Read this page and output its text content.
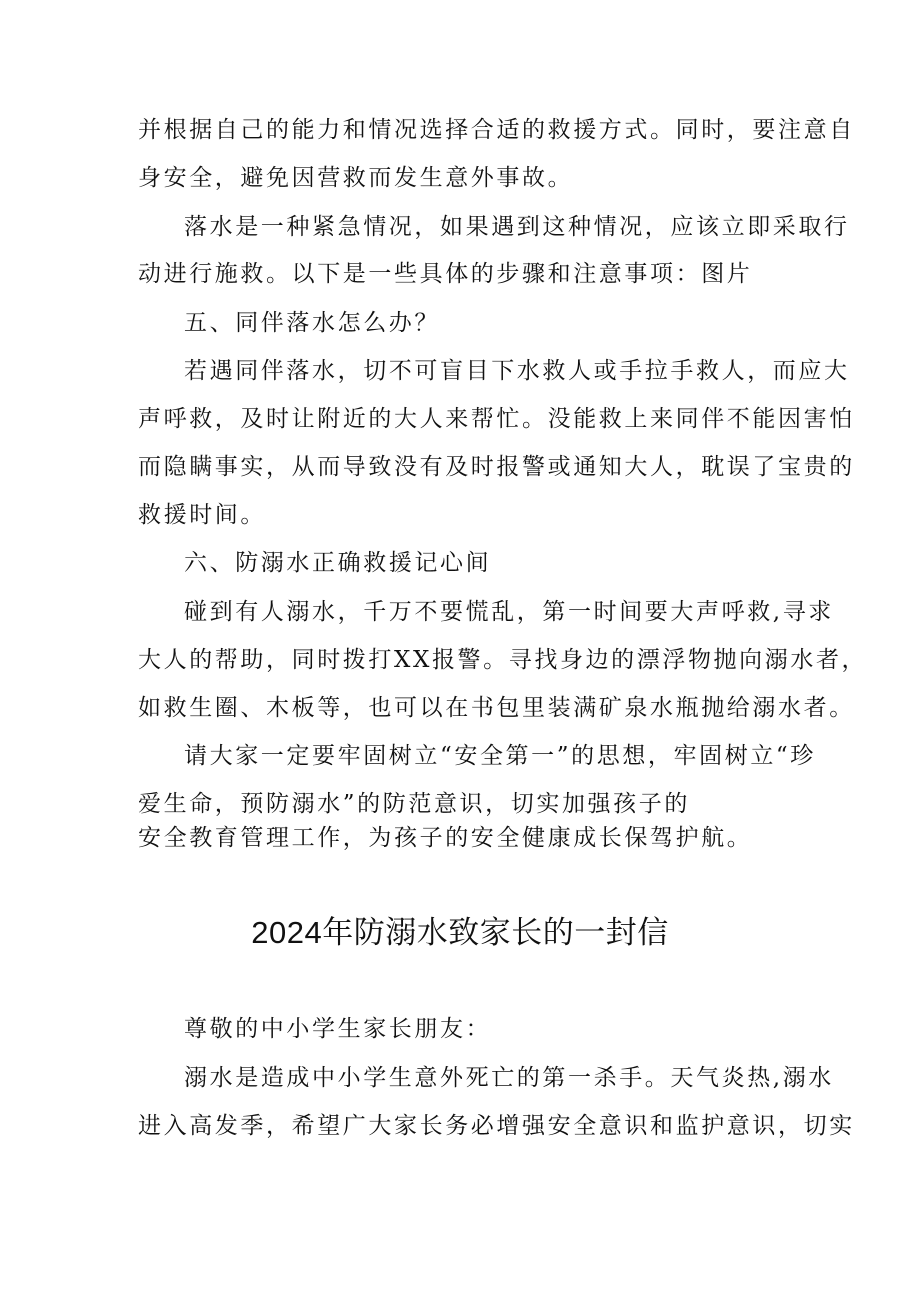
并根据自己的能力和情况选择合适的救援方式。同时，要注意自
身安全，避免因营救而发生意外事故。
落水是一种紧急情况，如果遇到这种情况，应该立即采取行
动进行施救。以下是一些具体的步骤和注意事项：图片
五、同伴落水怎么办？
若遇同伴落水，切不可盲目下水救人或手拉手救人，而应大
声呼救，及时让附近的大人来帮忙。没能救上来同伴不能因害怕
而隐瞒事实，从而导致没有及时报警或通知大人，耽误了宝贵的
救援时间。
六、防溺水正确救援记心间
碰到有人溺水，千万不要慌乱，第一时间要大声呼救,寻求
大人的帮助，同时拨打XX报警。寻找身边的漂浮物抛向溺水者，
如救生圈、木板等，也可以在书包里装满矿泉水瓶抛给溺水者。
请大家一定要牢固树立“安全第一”的思想，牢固树立“珍
爱生命，预防溺水”的防范意识，切实加强孩子的
安全教育管理工作，为孩子的安全健康成长保驾护航。
2024年防溺水致家长的一封信
尊敬的中小学生家长朋友：
溺水是造成中小学生意外死亡的第一杀手。天气炎热,溺水
进入高发季，希望广大家长务必增强安全意识和监护意识，切实
